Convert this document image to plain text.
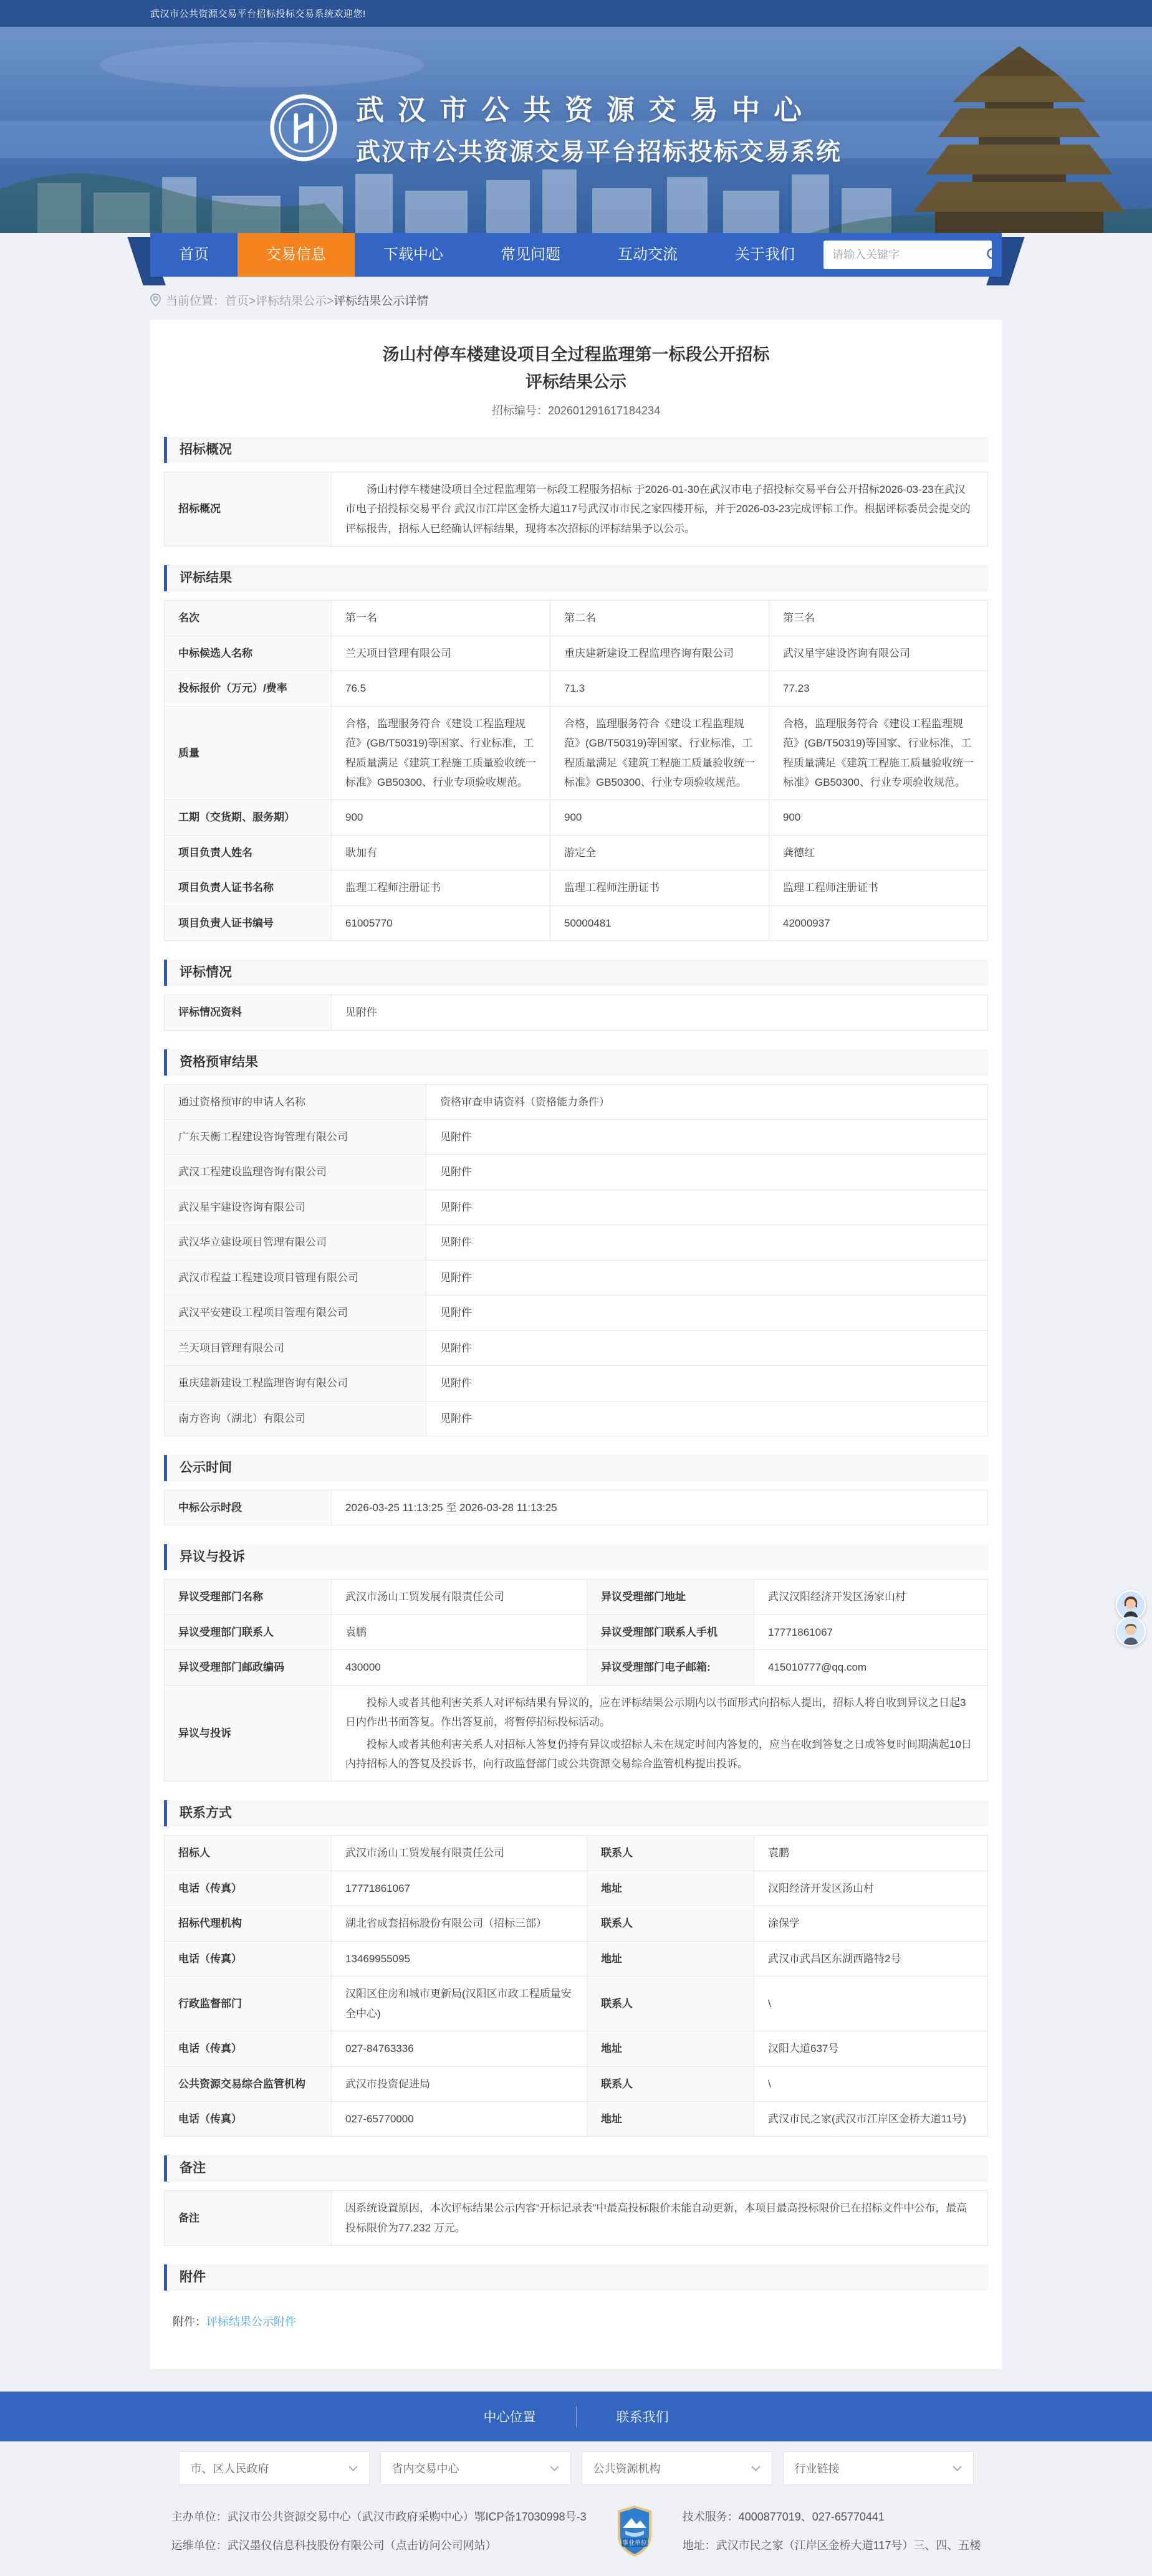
武汉市公共资源交易平台招标投标交易系统欢迎您!
武汉市公共资源交易中心
武汉市公共资源交易平台招标投标交易系统
首页	交易信息	下载中心	常见问题	互动交流	关于我们
请输入关键字
当前位置： 首页>评标结果公示> 评标结果公示详情
汤山村停车楼建设项目全过程监理第一标段公开招标
评标结果公示
招标编号：202601291617184234
招标概况
招标概况	汤山村停车楼建设项目全过程监理第一标段工程服务招标 于2026-01-30在武汉市电子招投标交易平台公开招标2026-03-23在武汉市电子招投标交易平台 武汉市江岸区金桥大道117号武汉市市民之家四楼开标，并于2026-03-23完成评标工作。根据评标委员会提交的评标报告，招标人已经确认评标结果，现将本次招标的评标结果予以公示。
评标结果
名次	第一名	第二名	第三名
中标候选人名称	兰天项目管理有限公司	重庆建新建设工程监理咨询有限公司	武汉星宇建设咨询有限公司
投标报价（万元）/费率	76.5	71.3	77.23
质量	合格，监理服务符合《建设工程监理规范》(GB/T50319)等国家、行业标准，工程质量满足《建筑工程施工质量验收统一标准》GB50300、行业专项验收规范。	合格，监理服务符合《建设工程监理规范》(GB/T50319)等国家、行业标准，工程质量满足《建筑工程施工质量验收统一标准》GB50300、行业专项验收规范。	合格，监理服务符合《建设工程监理规范》(GB/T50319)等国家、行业标准，工程质量满足《建筑工程施工质量验收统一标准》GB50300、行业专项验收规范。
工期（交货期、服务期）	900	900	900
项目负责人姓名	耿加有	游定全	龚德红
项目负责人证书名称	监理工程师注册证书	监理工程师注册证书	监理工程师注册证书
项目负责人证书编号	61005770	50000481	42000937
评标情况
评标情况资料	见附件
资格预审结果
通过资格预审的申请人名称	资格审查申请资料（资格能力条件）
广东天衡工程建设咨询管理有限公司	见附件
武汉工程建设监理咨询有限公司	见附件
武汉星宇建设咨询有限公司	见附件
武汉华立建设项目管理有限公司	见附件
武汉市程益工程建设项目管理有限公司	见附件
武汉平安建设工程项目管理有限公司	见附件
兰天项目管理有限公司	见附件
重庆建新建设工程监理咨询有限公司	见附件
南方咨询（湖北）有限公司	见附件
公示时间
中标公示时段	2026-03-25 11:13:25 至 2026-03-28 11:13:25
异议与投诉
异议受理部门名称	武汉市汤山工贸发展有限责任公司	异议受理部门地址	武汉汉阳经济开发区汤家山村
异议受理部门联系人	袁鹏	异议受理部门联系人手机	17771861067
异议受理部门邮政编码	430000	异议受理部门电子邮箱:	415010777@qq.com
异议与投诉	投标人或者其他利害关系人对评标结果有异议的，应在评标结果公示期内以书面形式向招标人提出，招标人将自收到异议之日起3日内作出书面答复。作出答复前，将暂停招标投标活动。

投标人或者其他利害关系人对招标人答复仍持有异议或招标人未在规定时间内答复的，应当在收到答复之日或答复时间期满起10日内持招标人的答复及投诉书，向行政监督部门或公共资源交易综合监管机构提出投诉。		

联系方式
招标人	武汉市汤山工贸发展有限责任公司	联系人	袁鹏
电话（传真）	17771861067	地址	汉阳经济开发区汤山村
招标代理机构	湖北省成套招标股份有限公司（招标三部）	联系人	涂保学
电话（传真）	13469955095	地址	武汉市武昌区东湖西路特2号
行政监督部门	汉阳区住房和城市更新局(汉阳区市政工程质量安全中心)	联系人	\
电话（传真）	027-84763336	地址	汉阳大道637号
公共资源交易综合监管机构	武汉市投资促进局	联系人	\
电话（传真）	027-65770000	地址	武汉市民之家(武汉市江岸区金桥大道11号)
备注
备注	因系统设置原因，本次评标结果公示内容“开标记录表”中最高投标限价未能自动更新，本项目最高投标限价已在招标文件中公布，最高投标限价为77.232 万元。
附件
附件：评标结果公示附件
中心位置	联系我们
市、区人民政府	省内交易中心	公共资源机构	行业链接
主办单位：武汉市公共资源交易中心（武汉市政府采购中心）鄂ICP备17030998号-3
运维单位：武汉墨仪信息科技股份有限公司（点击访问公司网站）	事业单位
技术服务：4000877019、027-65770441
地址：武汉市民之家（江岸区金桥大道117号）三、四、五楼
